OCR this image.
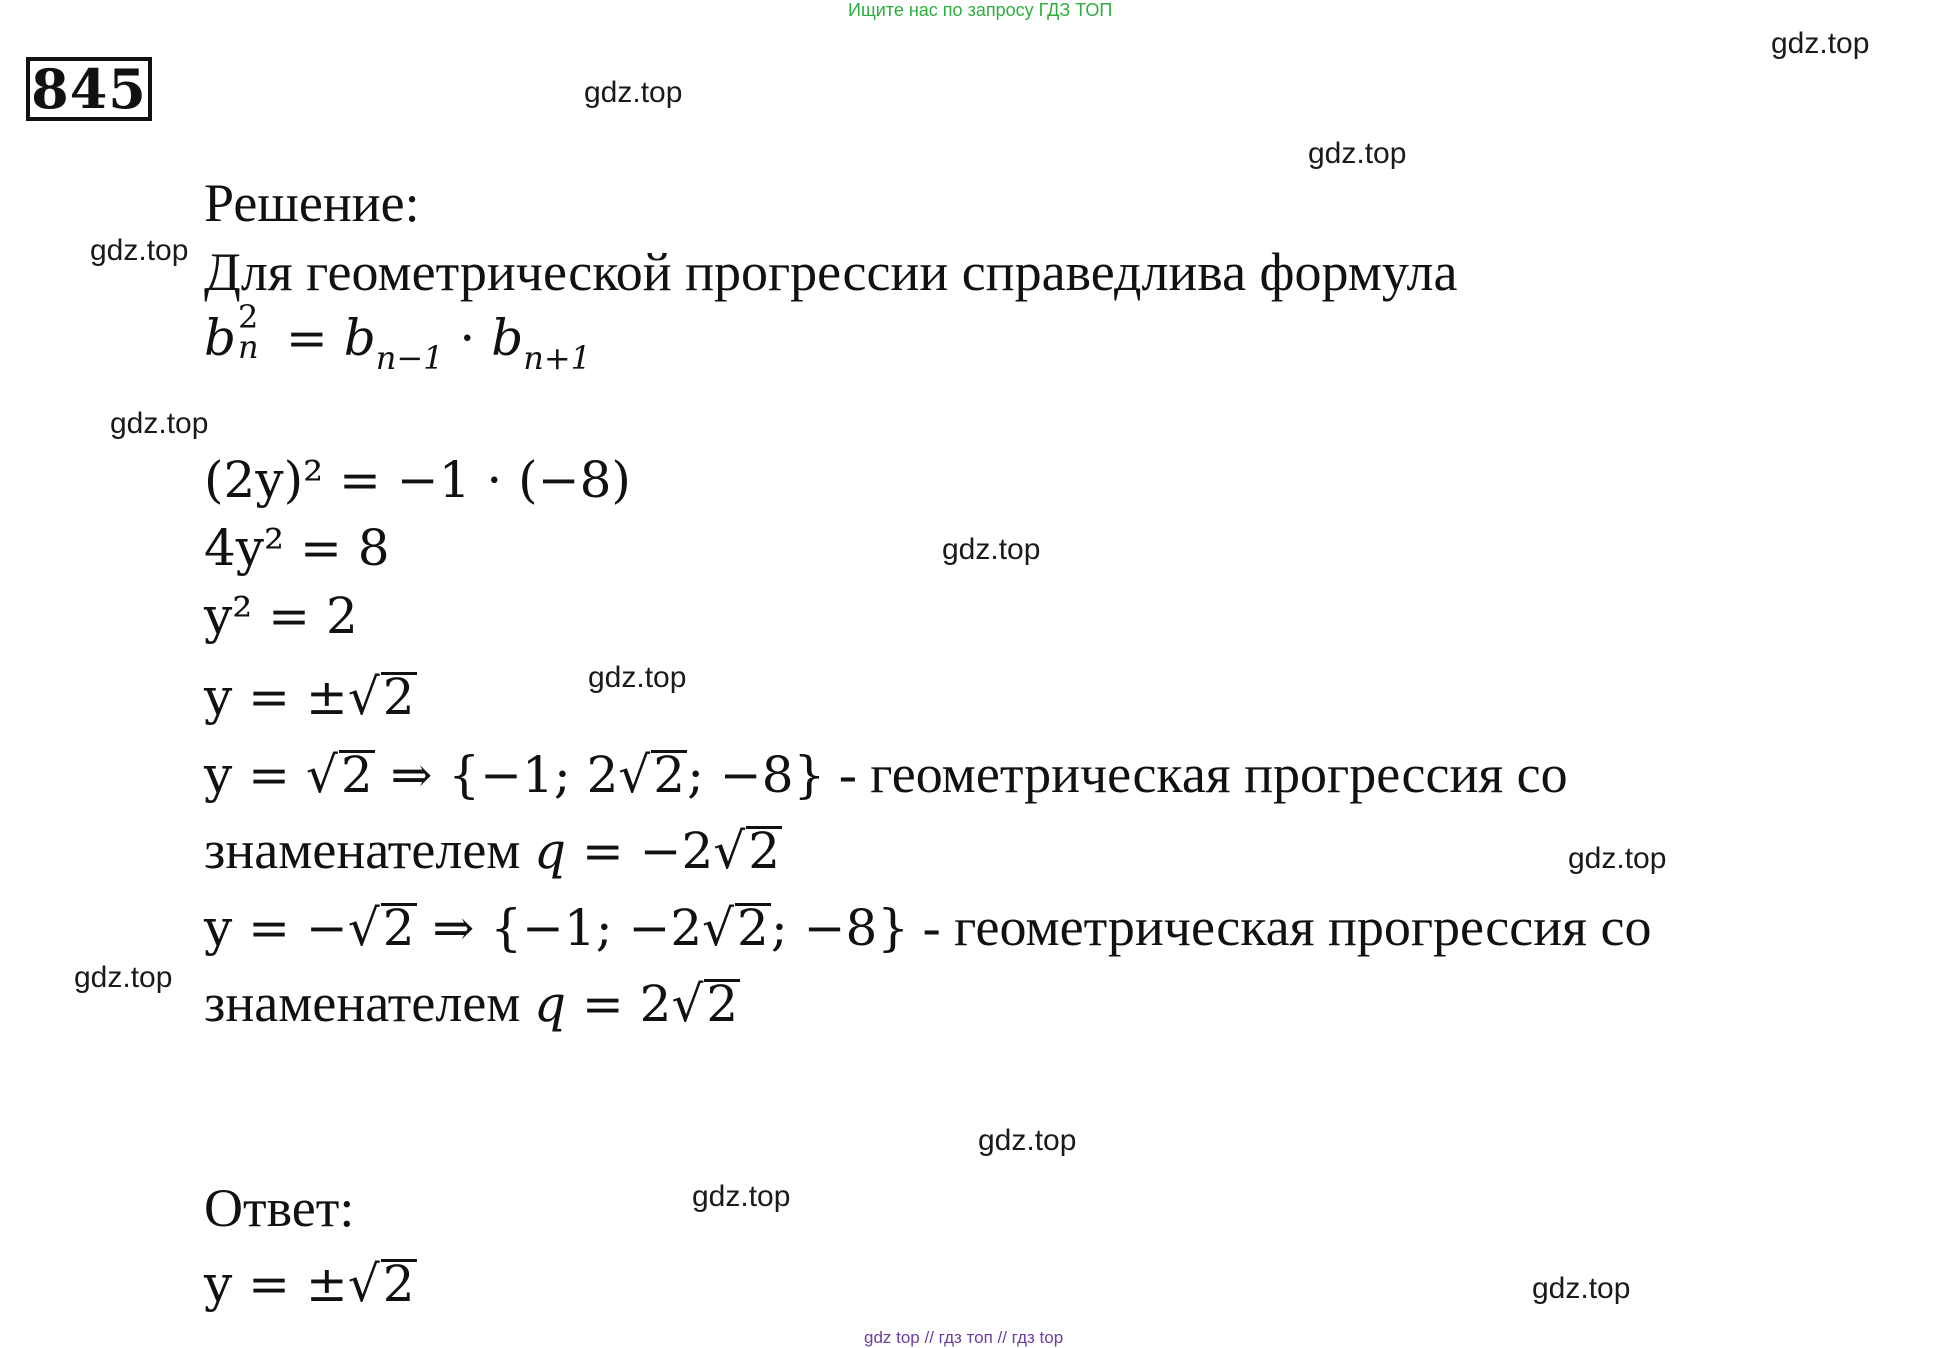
Ищите нас по запросу ГДЗ ТОП
845
gdz.top
gdz.top
gdz.top
gdz.top
gdz.top
gdz.top
gdz.top
gdz.top
gdz.top
gdz.top
gdz.top
gdz.top
Решение:
Для геометрической прогрессии справедлива формула
b 2
$n = b_{n-1} \cdot b_{n+1}$
(2y)² = −1 · (−8)
4y² = 8
y² = 2
y = ±√2
y = √2 ⇒ {−1; 2√2; −8} - геометрическая прогрессия со
знаменателем q = −2√2
y = −√2 ⇒ {−1; −2√2; −8} - геометрическая прогрессия со
знаменателем q = 2√2
Ответ:
y = ±√2
gdz top // гдз топ // гдз top
